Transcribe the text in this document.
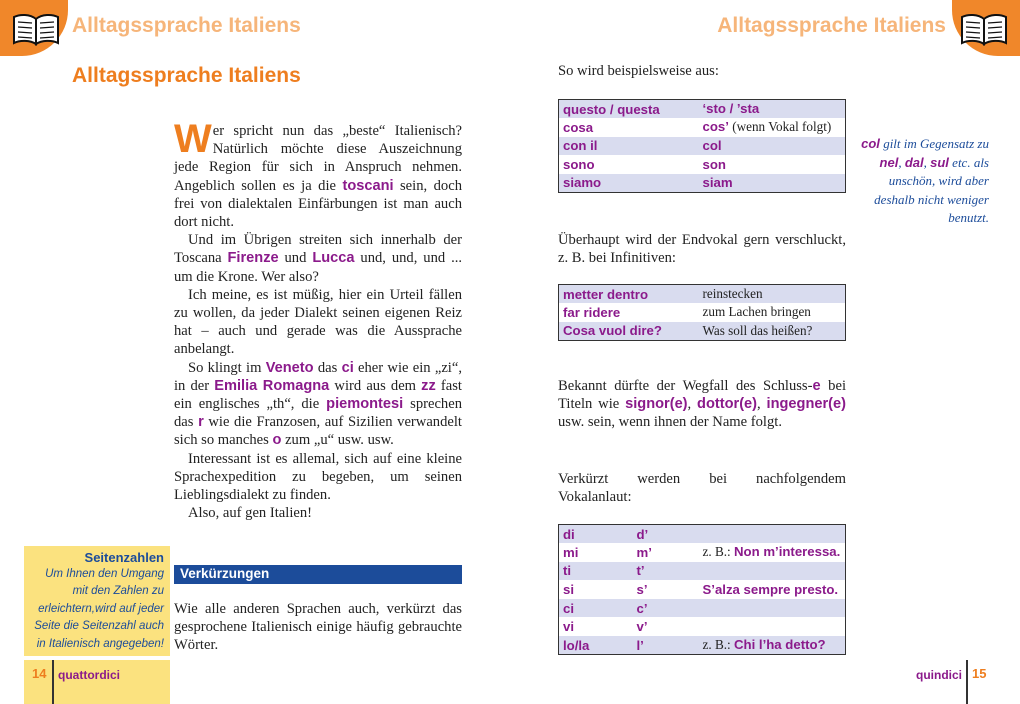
Alltagssprache Italiens	Alltagssprache Italiens
Alltagssprache Italiens

Wer spricht nun das „beste“ Italienisch? Natürlich möchte diese Auszeichnung jede Region für sich in Anspruch nehmen. Angeblich sollen es ja die toscani sein, doch frei von dialektalen Einfärbungen ist man auch dort nicht.

Und im Übrigen streiten sich innerhalb der Toscana Firenze und Lucca und, und, und ... um die Krone. Wer also?

Ich meine, es ist müßig, hier ein Urteil fällen zu wollen, da jeder Dialekt seinen eigenen Reiz hat – auch und gerade was die Aussprache anbelangt.

So klingt im Veneto das ci eher wie ein „zi“, in der Emilia Romagna wird aus dem zz fast ein englisches „th“, die piemontesi sprechen das r wie die Franzosen, auf Sizilien verwandelt sich so manches o zum „u“ usw. usw.

Interessant ist es allemal, sich auf eine kleine Sprachexpedition zu begeben, um seinen Lieblingsdialekt zu finden.

Also, auf gen Italien!

Verkürzungen

Wie alle anderen Sprachen auch, verkürzt das gesprochene Italienisch einige häufig gebrauchte Wörter.

Seitenzahlen
Um Ihnen den Umgang mit den Zahlen zu erleichtern,wird auf jeder Seite die Seitenzahl auch in Italienisch angegeben!
14 quattordici	quindici 15
So wird beispielsweise aus:
questo / questa	‘sto / ’sta
cosa	cos’ (wenn Vokal folgt)
con il	col
sono	son
siamo	siam
col gilt im Gegensatz zu nel, dal, sul etc. als unschön, wird aber deshalb nicht weniger benutzt.
Überhaupt wird der Endvokal gern verschluckt, z. B. bei Infinitiven:
metter dentro	reinstecken
far ridere	zum Lachen bringen
Cosa vuol dire?	Was soll das heißen?
Bekannt dürfte der Wegfall des Schluss-e bei Titeln wie signor(e), dottor(e), ingegner(e) usw. sein, wenn ihnen der Name folgt.
Verkürzt werden bei nachfolgendem Vokalanlaut:
di	d’	
mi	m’	z. B.: Non m’interessa.
ti	t’	
si	s’	S’alza sempre presto.
ci	c’	
vi	v’	
lo/la	l’	z. B.: Chi l’ha detto?
